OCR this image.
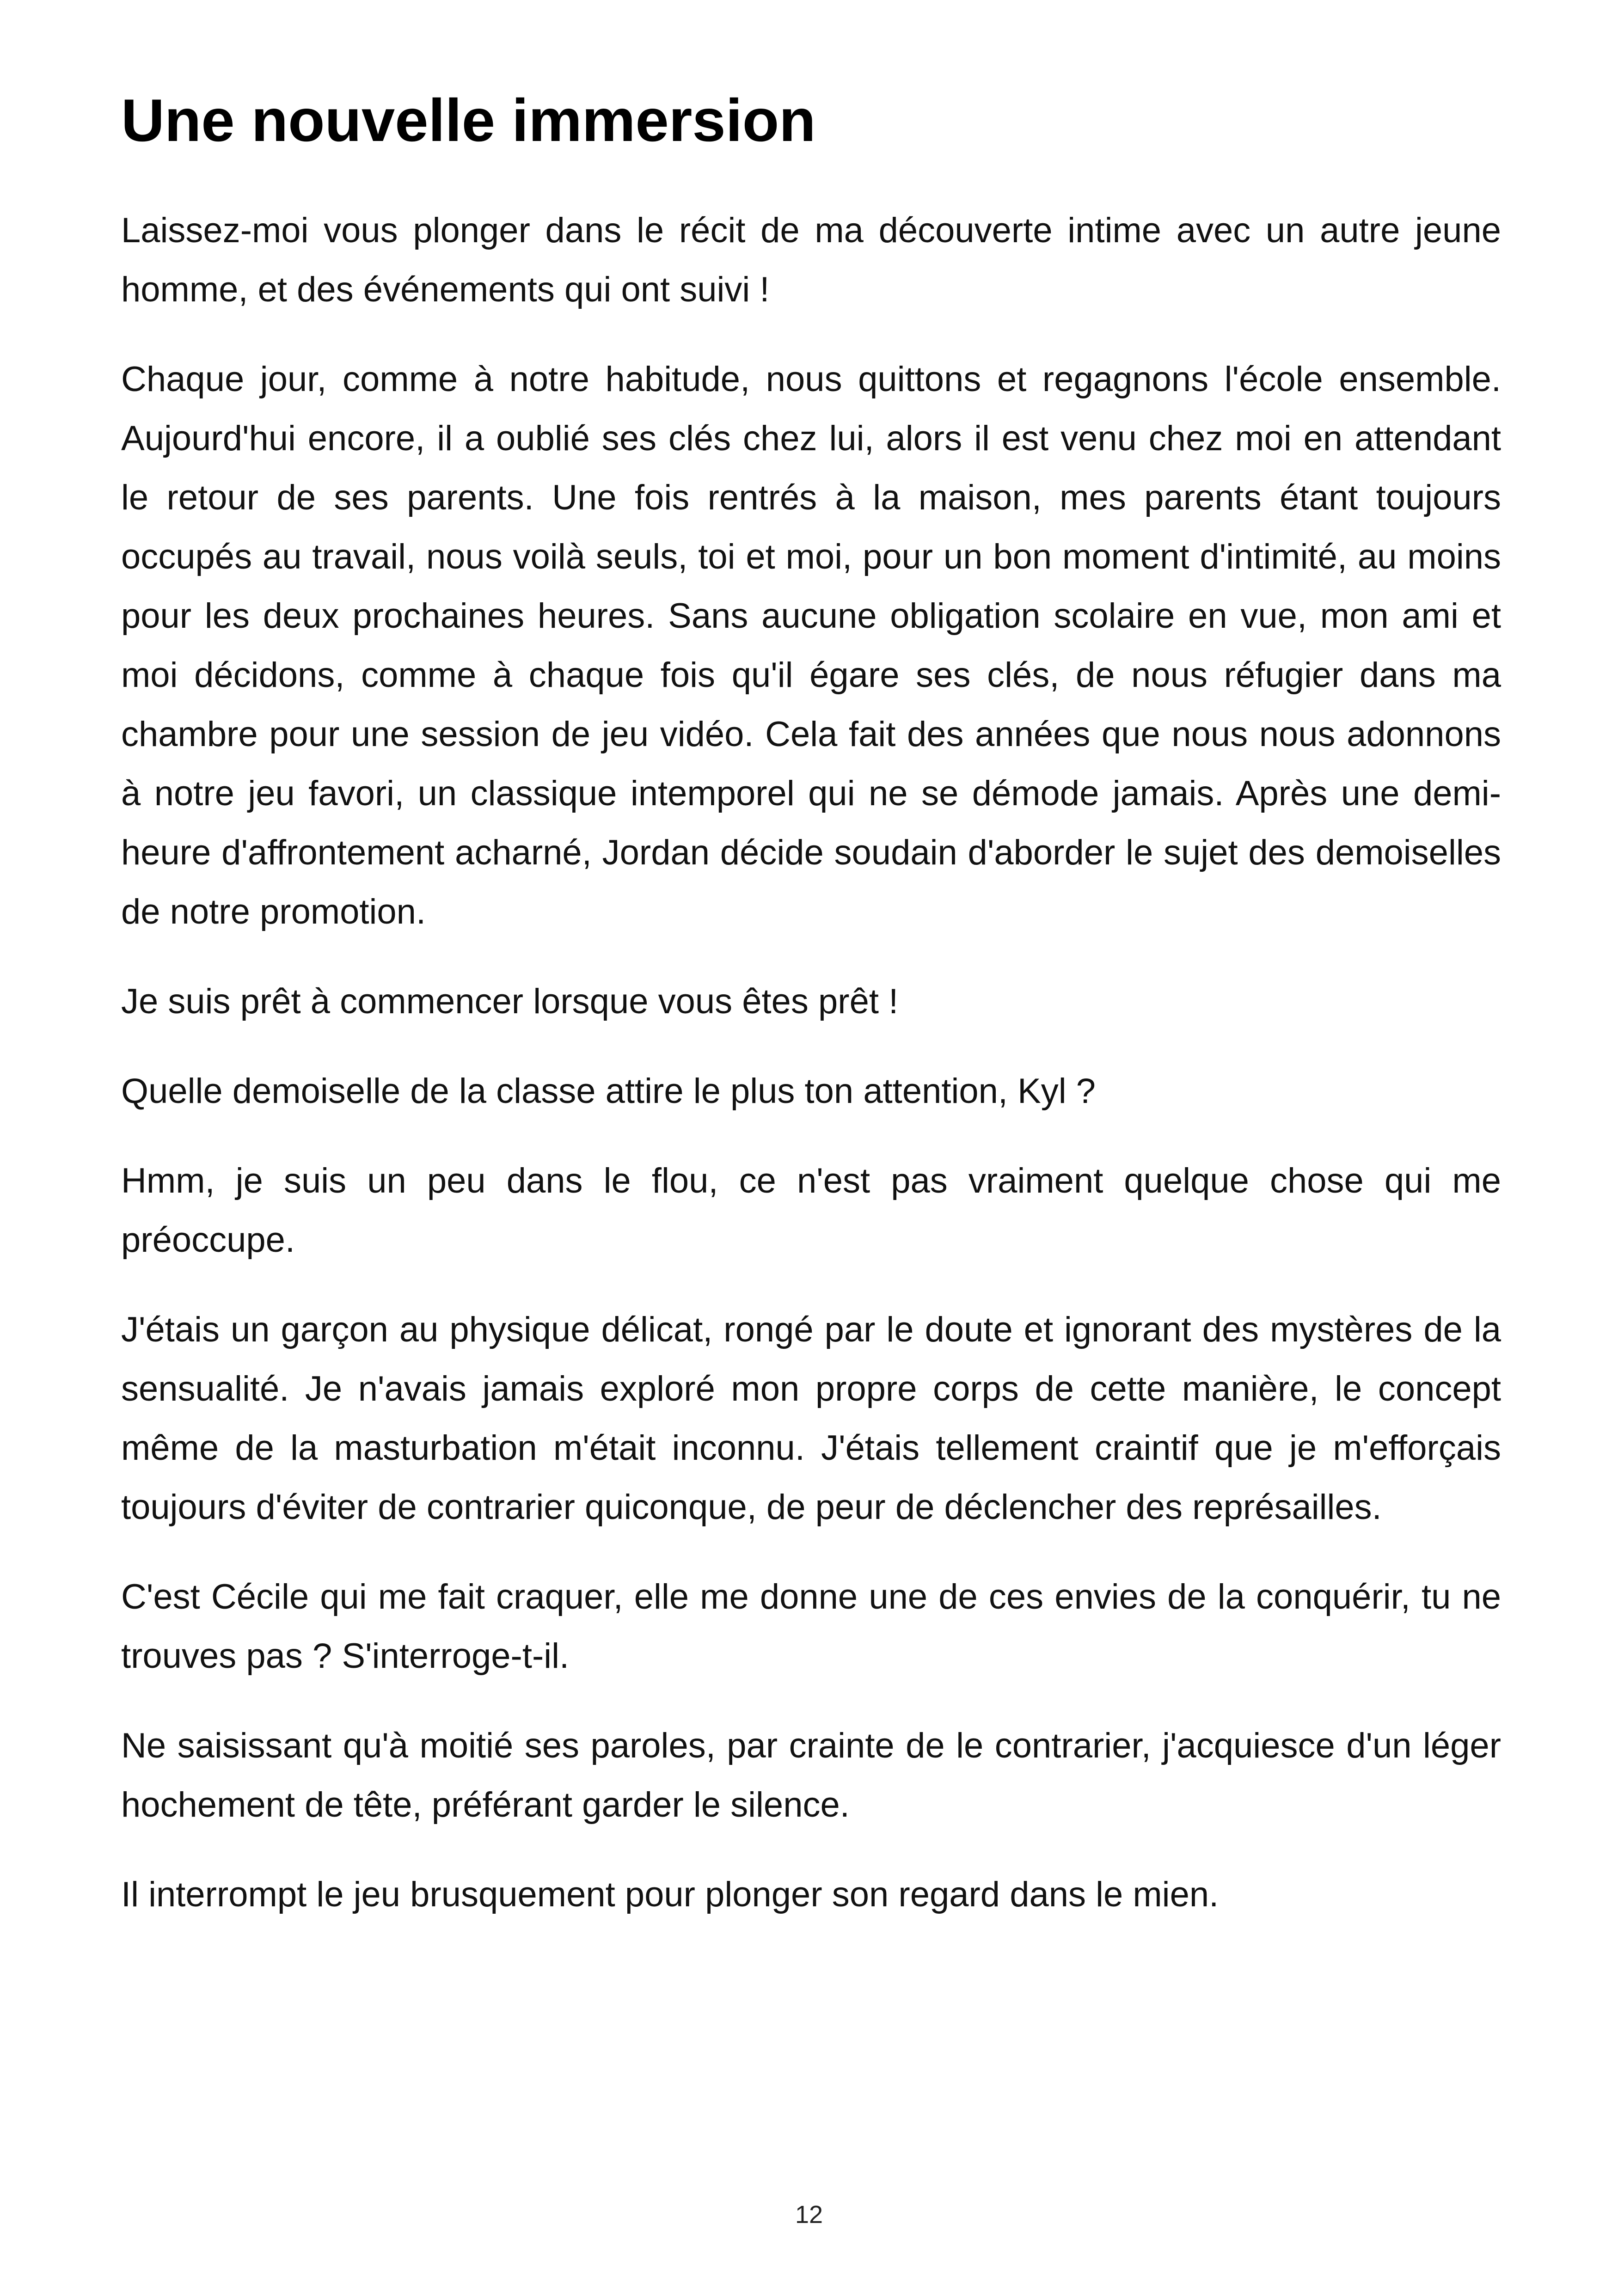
Une nouvelle immersion

Laissez-moi vous plonger dans le récit de ma découverte intime avec un autre jeune homme, et des événements qui ont suivi !

Chaque jour, comme à notre habitude, nous quittons et regagnons l'école ensemble. Aujourd'hui encore, il a oublié ses clés chez lui, alors il est venu chez moi en attendant le retour de ses parents. Une fois rentrés à la maison, mes parents étant toujours occupés au travail, nous voilà seuls, toi et moi, pour un bon moment d'intimité, au moins pour les deux prochaines heures. Sans aucune obligation scolaire en vue, mon ami et moi décidons, comme à chaque fois qu'il égare ses clés, de nous réfugier dans ma chambre pour une session de jeu vidéo. Cela fait des années que nous nous adonnons à notre jeu favori, un classique intemporel qui ne se démode jamais. Après une demi-heure d'affrontement acharné, Jordan décide soudain d'aborder le sujet des demoiselles de notre promotion.

Je suis prêt à commencer lorsque vous êtes prêt !

Quelle demoiselle de la classe attire le plus ton attention, Kyl ?

Hmm, je suis un peu dans le flou, ce n'est pas vraiment quelque chose qui me préoccupe.

J'étais un garçon au physique délicat, rongé par le doute et ignorant des mystères de la sensualité. Je n'avais jamais exploré mon propre corps de cette manière, le concept même de la masturbation m'était inconnu. J'étais tellement craintif que je m'efforçais toujours d'éviter de contrarier quiconque, de peur de déclencher des représailles.

C'est Cécile qui me fait craquer, elle me donne une de ces envies de la conquérir, tu ne trouves pas ? S'interroge-t-il.

Ne saisissant qu'à moitié ses paroles, par crainte de le contrarier, j'acquiesce d'un léger hochement de tête, préférant garder le silence.

Il interrompt le jeu brusquement pour plonger son regard dans le mien.

12
